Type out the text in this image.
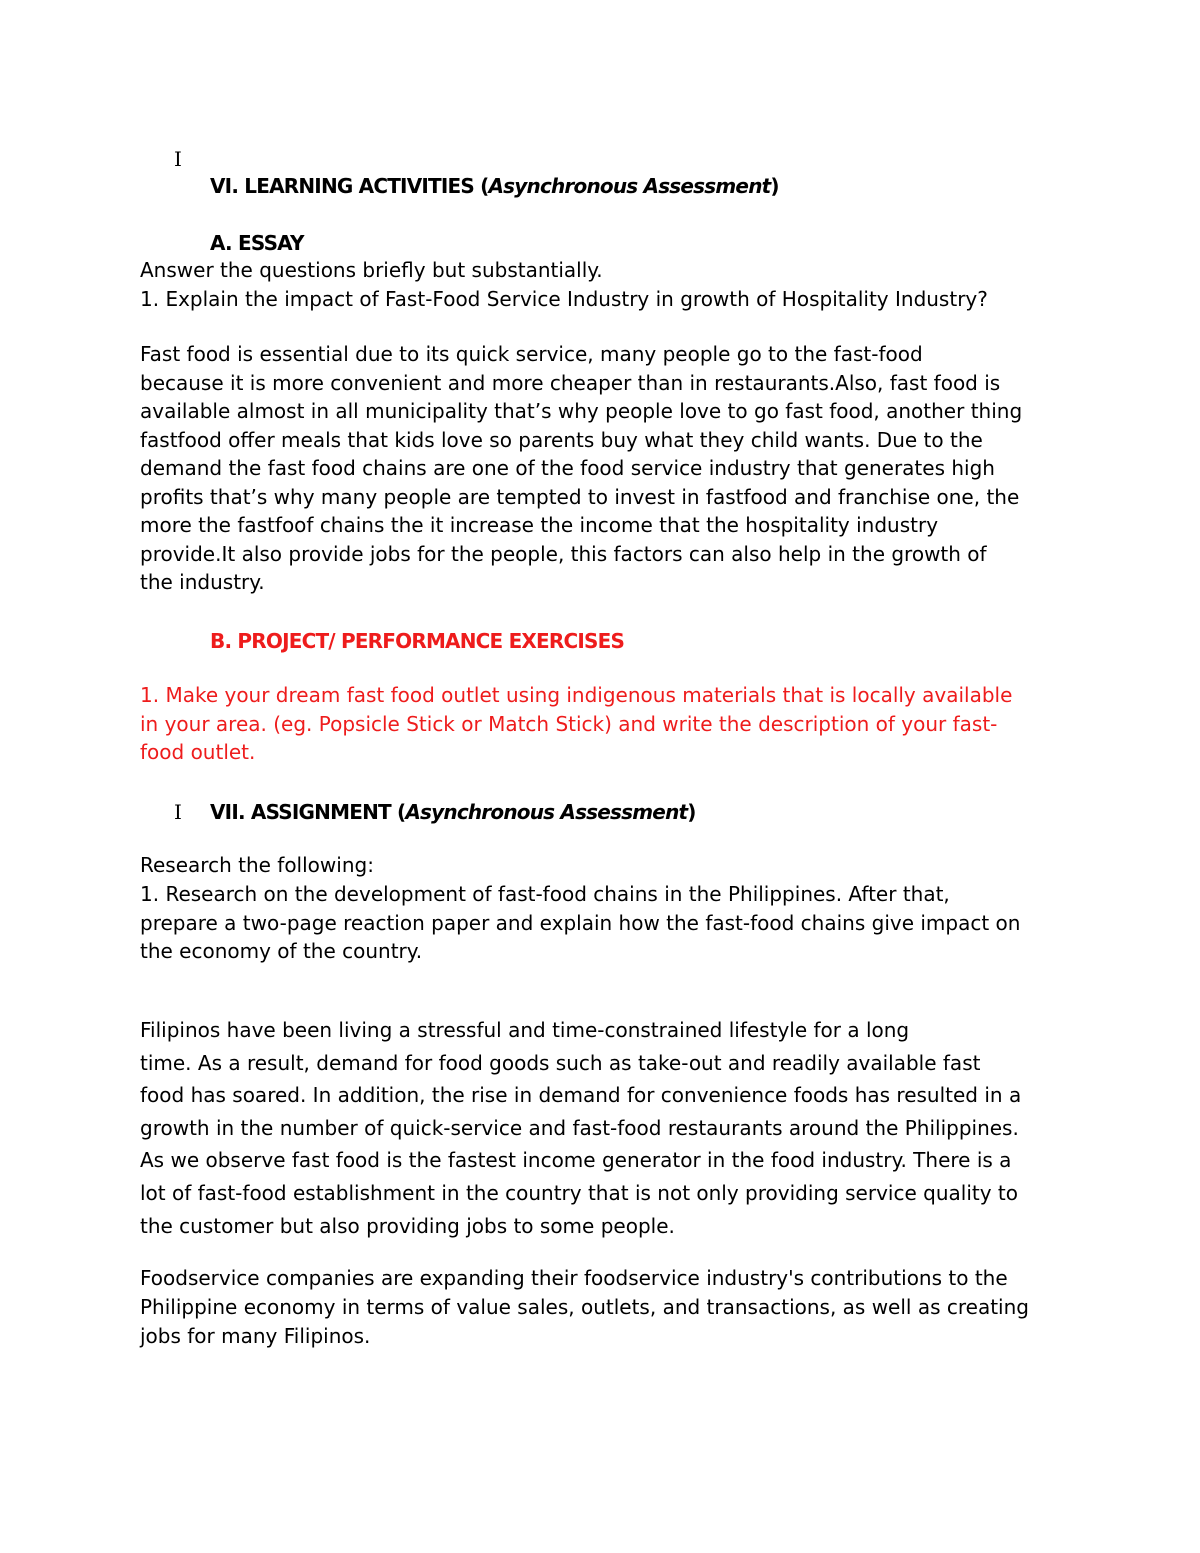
I
VI. LEARNING ACTIVITIES (Asynchronous Assessment)
A. ESSAY
Answer the questions briefly but substantially.
1. Explain the impact of Fast-Food Service Industry in growth of Hospitality Industry?
Fast food is essential due to its quick service, many people go to the fast-food
because it is more convenient and more cheaper than in restaurants.Also, fast food is
available almost in all municipality that’s why people love to go fast food, another thing
fastfood offer meals that kids love so parents buy what they child wants. Due to the
demand the fast food chains are one of the food service industry that generates high
profits that’s why many people are tempted to invest in fastfood and franchise one, the
more the fastfoof chains the it increase the income that the hospitality industry
provide.It also provide jobs for the people, this factors can also help in the growth of
the industry.
B. PROJECT/ PERFORMANCE EXERCISES
1. Make your dream fast food outlet using indigenous materials that is locally available
in your area. (eg. Popsicle Stick or Match Stick) and write the description of your fast-
food outlet.
I VII. ASSIGNMENT (Asynchronous Assessment)
Research the following:
1. Research on the development of fast-food chains in the Philippines. After that,
prepare a two-page reaction paper and explain how the fast-food chains give impact on
the economy of the country.
Filipinos have been living a stressful and time-constrained lifestyle for a long
time. As a result, demand for food goods such as take-out and readily available fast
food has soared. In addition, the rise in demand for convenience foods has resulted in a
growth in the number of quick-service and fast-food restaurants around the Philippines.
As we observe fast food is the fastest income generator in the food industry. There is a
lot of fast-food establishment in the country that is not only providing service quality to
the customer but also providing jobs to some people.
Foodservice companies are expanding their foodservice industry's contributions to the
Philippine economy in terms of value sales, outlets, and transactions, as well as creating
jobs for many Filipinos.
